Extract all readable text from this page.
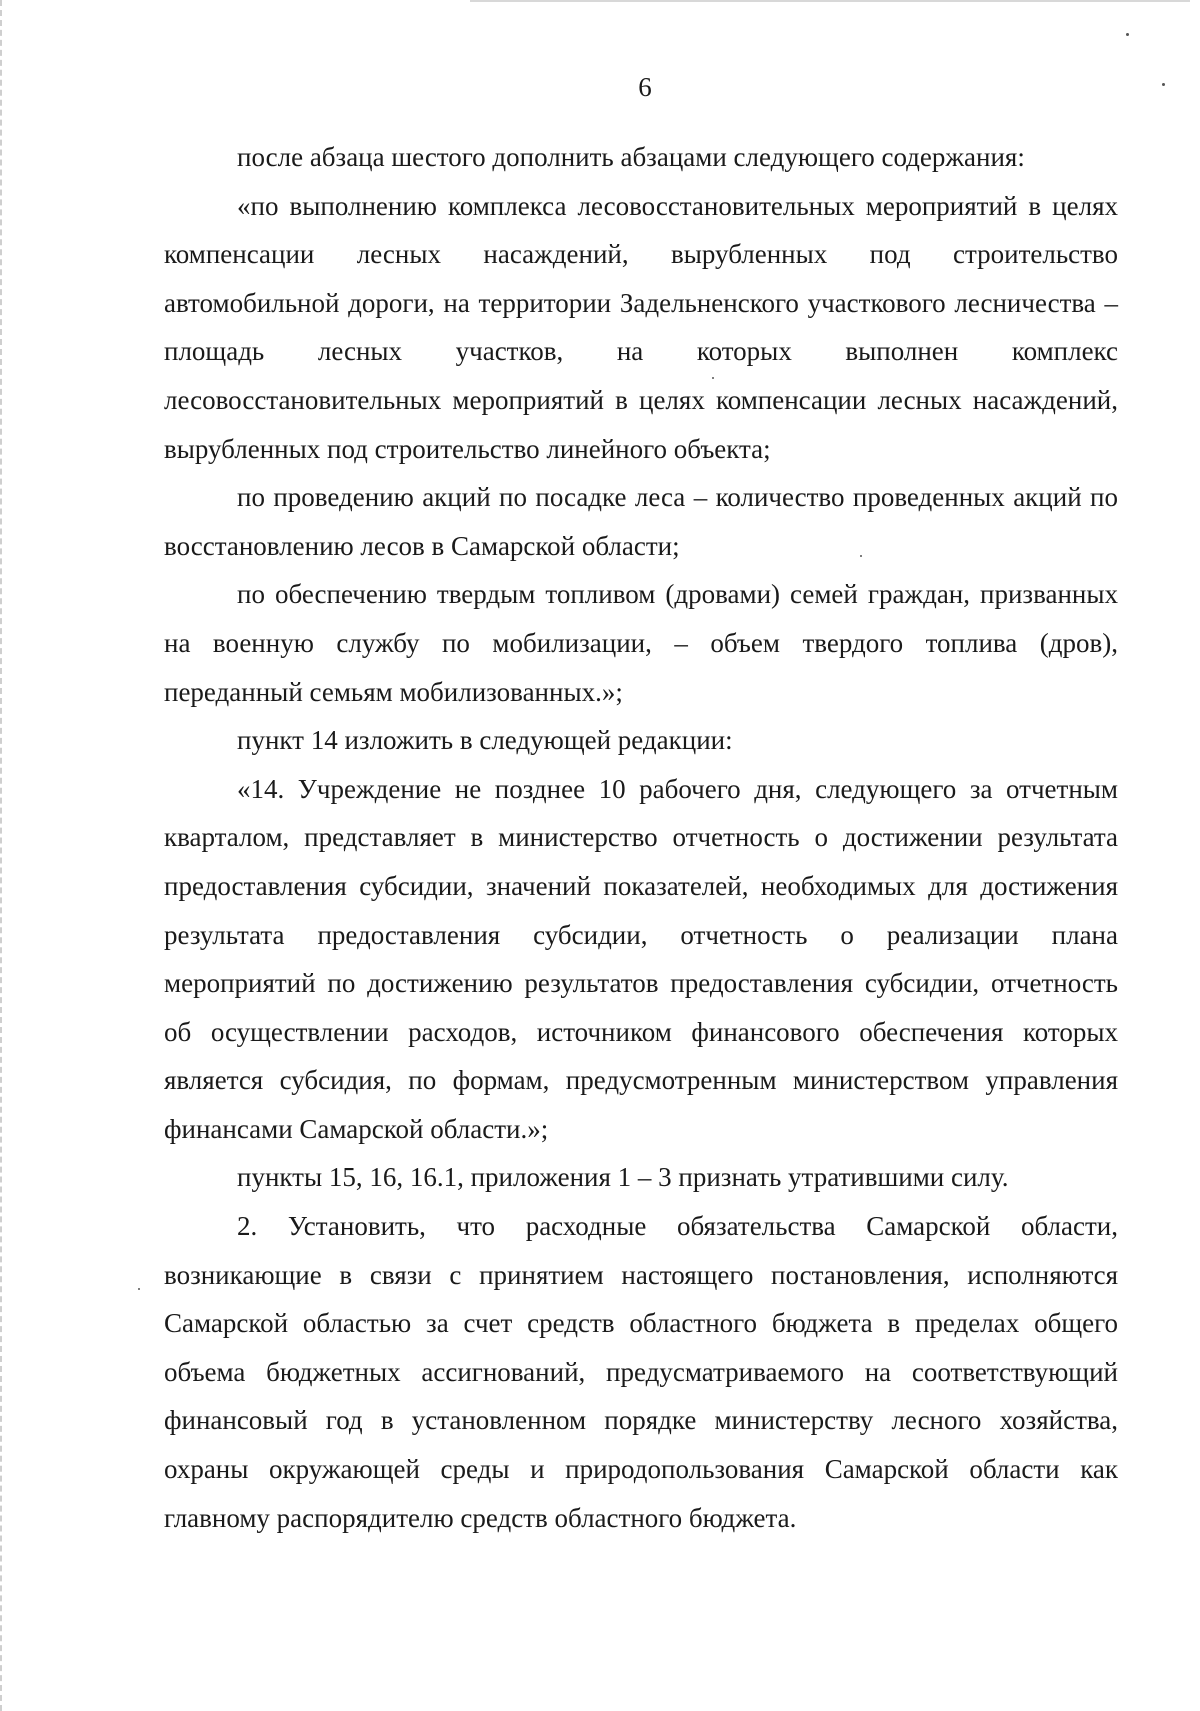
6

после абзаца шестого дополнить абзацами следующего содержания:

«по выполнению комплекса лесовосстановительных мероприятий в целях компенсации лесных насаждений, вырубленных под строительство автомобильной дороги, на территории Задельненского участкового лесничества – площадь лесных участков, на которых выполнен комплекс лесовосстановительных мероприятий в целях компенсации лесных насаждений, вырубленных под строительство линейного объекта;

по проведению акций по посадке леса – количество проведенных акций по восстановлению лесов в Самарской области;

по обеспечению твердым топливом (дровами) семей граждан, призванных на военную службу по мобилизации, – объем твердого топлива (дров), переданный семьям мобилизованных.»;

пункт 14 изложить в следующей редакции:

«14. Учреждение не позднее 10 рабочего дня, следующего за отчетным кварталом, представляет в министерство отчетность о достижении результата предоставления субсидии, значений показателей, необходимых для достижения результата предоставления субсидии, отчетность о реализации плана мероприятий по достижению результатов предоставления субсидии, отчетность об осуществлении расходов, источником финансового обеспечения которых является субсидия, по формам, предусмотренным министерством управления финансами Самарской области.»;

пункты 15, 16, 16.1, приложения 1 – 3 признать утратившими силу.

2. Установить, что расходные обязательства Самарской области, возникающие в связи с принятием настоящего постановления, исполняются Самарской областью за счет средств областного бюджета в пределах общего объема бюджетных ассигнований, предусматриваемого на соответствующий финансовый год в установленном порядке министерству лесного хозяйства, охраны окружающей среды и природопользования Самарской области как главному распорядителю средств областного бюджета.
